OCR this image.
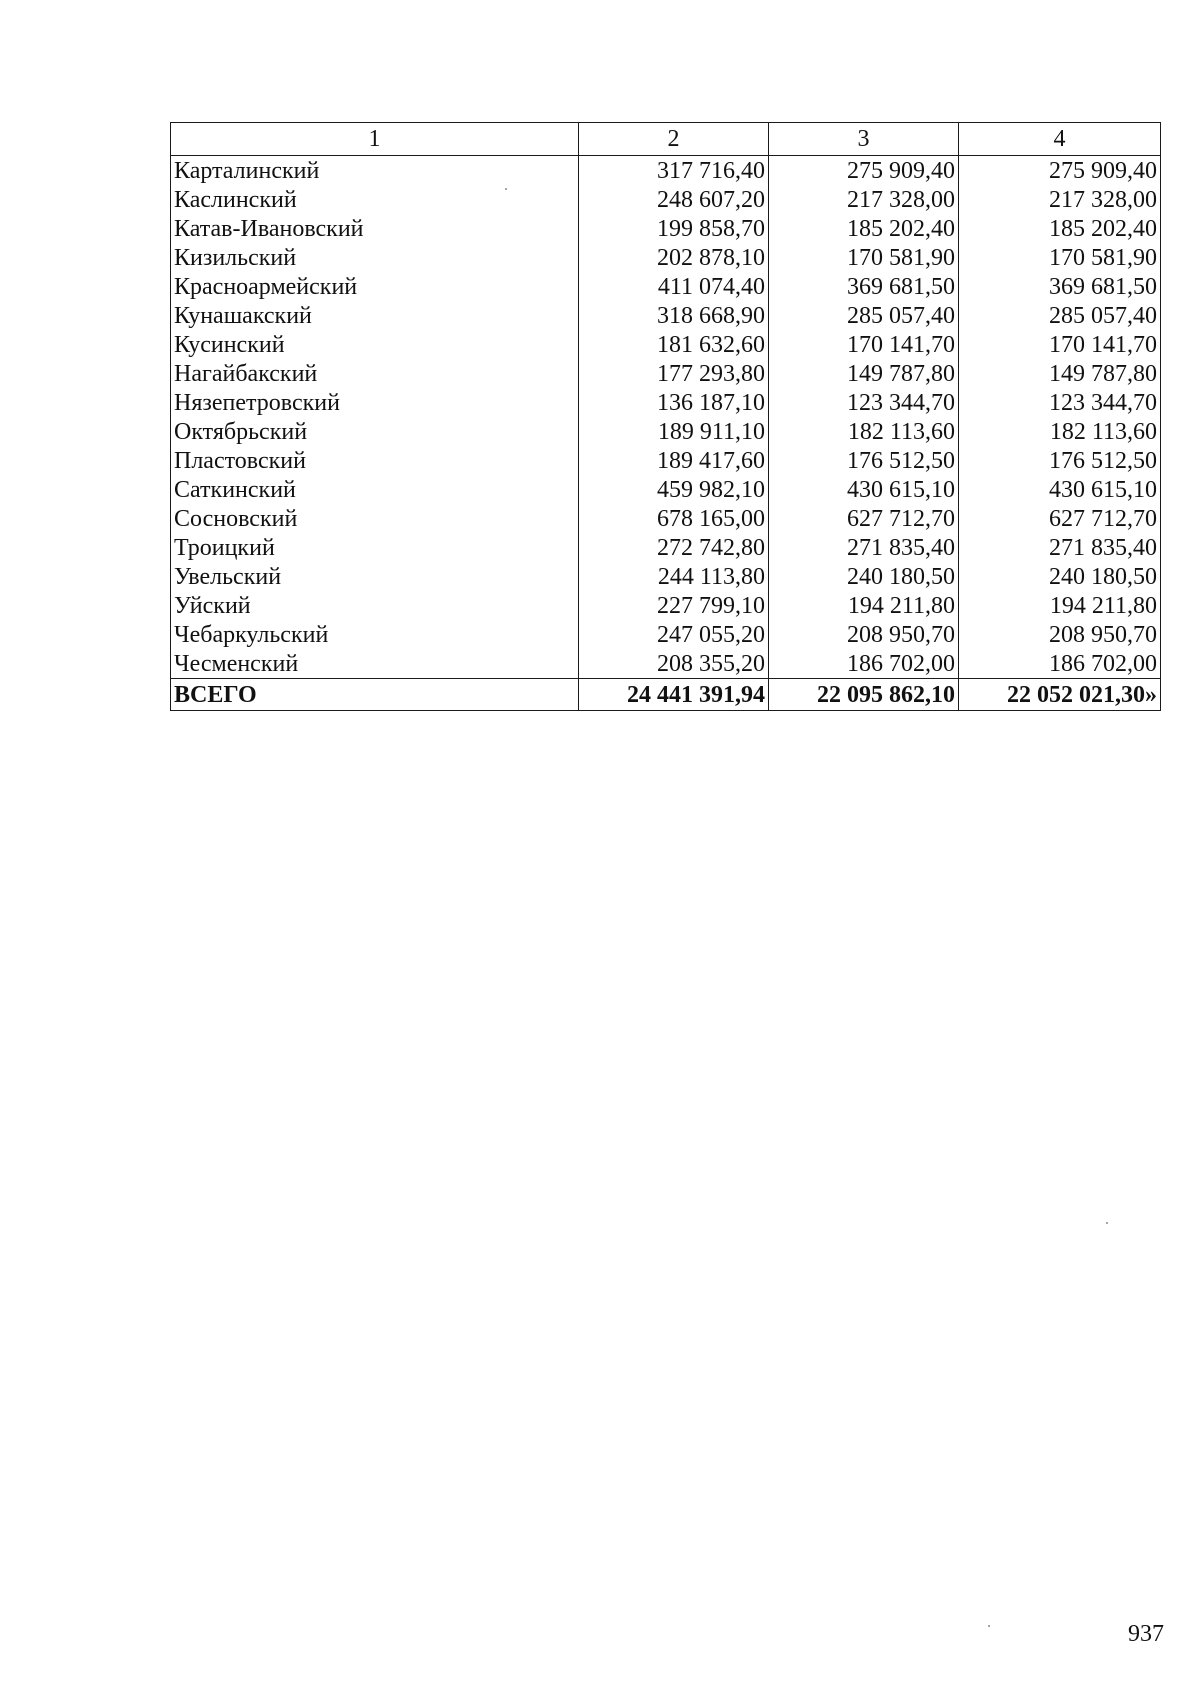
1	2	3	4
Карталинский	317 716,40	275 909,40	275 909,40
Каслинский	248 607,20	217 328,00	217 328,00
Катав-Ивановский	199 858,70	185 202,40	185 202,40
Кизильский	202 878,10	170 581,90	170 581,90
Красноармейский	411 074,40	369 681,50	369 681,50
Кунашакский	318 668,90	285 057,40	285 057,40
Кусинский	181 632,60	170 141,70	170 141,70
Нагайбакский	177 293,80	149 787,80	149 787,80
Нязепетровский	136 187,10	123 344,70	123 344,70
Октябрьский	189 911,10	182 113,60	182 113,60
Пластовский	189 417,60	176 512,50	176 512,50
Саткинский	459 982,10	430 615,10	430 615,10
Сосновский	678 165,00	627 712,70	627 712,70
Троицкий	272 742,80	271 835,40	271 835,40
Увельский	244 113,80	240 180,50	240 180,50
Уйский	227 799,10	194 211,80	194 211,80
Чебаркульский	247 055,20	208 950,70	208 950,70
Чесменский	208 355,20	186 702,00	186 702,00
ВСЕГО	24 441 391,94	22 095 862,10	22 052 021,30»
937
